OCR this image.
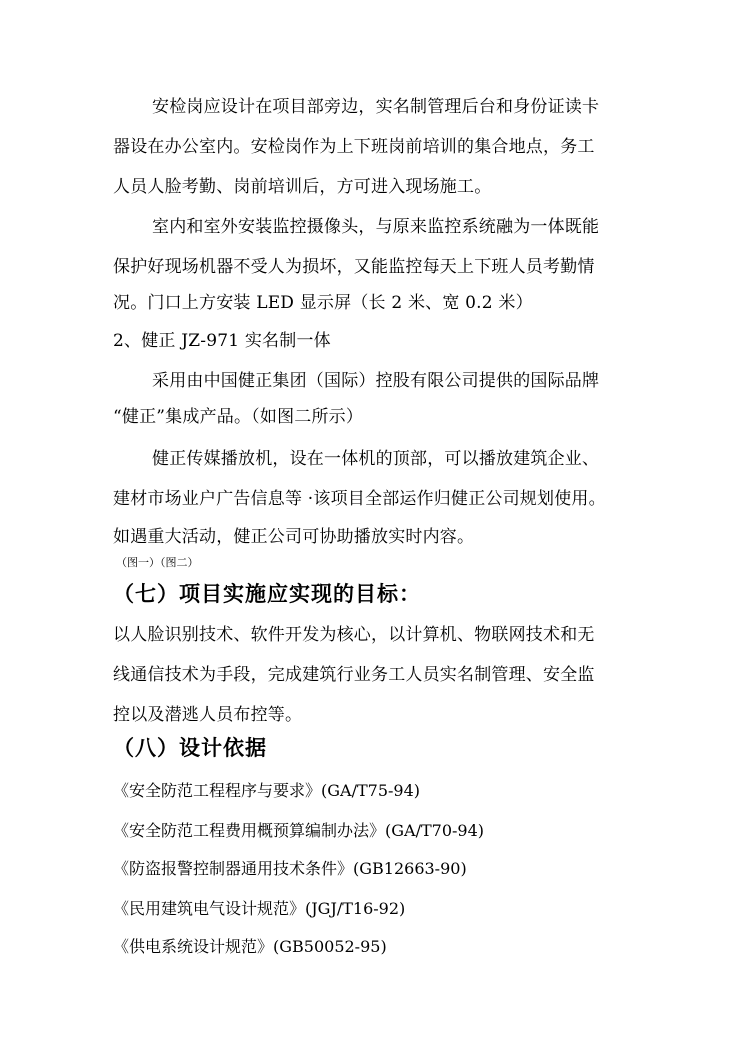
安检岗应设计在项目部旁边，实名制管理后台和身份证读卡
器设在办公室内。安检岗作为上下班岗前培训的集合地点，务工
人员人脸考勤、岗前培训后，方可进入现场施工。
室内和室外安装监控摄像头，与原来监控系统融为一体既能
保护好现场机器不受人为损坏，又能监控每天上下班人员考勤情
况。门口上方安装 LED 显示屏（长 2 米、宽 0.2 米）
2、健正 JZ-971 实名制一体
采用由中国健正集团（国际）控股有限公司提供的国际品牌
“健正”集成产品。（如图二所示）
健正传媒播放机，设在一体机的顶部，可以播放建筑企业、
建材市场业户广告信息等 ·该项目全部运作归健正公司规划使用。
如遇重大活动，健正公司可协助播放实时内容。
（图一）（图二）
（七）项目实施应实现的目标：
以人脸识别技术、软件开发为核心，以计算机、物联网技术和无
线通信技术为手段，完成建筑行业务工人员实名制管理、安全监
控以及潜逃人员布控等。
（八）设计依据
《安全防范工程程序与要求》(GA/T75-94)
《安全防范工程费用概预算编制办法》(GA/T70-94)
《防盗报警控制器通用技术条件》(GB12663-90)
《民用建筑电气设计规范》(JGJ/T16-92)
《供电系统设计规范》(GB50052-95)
